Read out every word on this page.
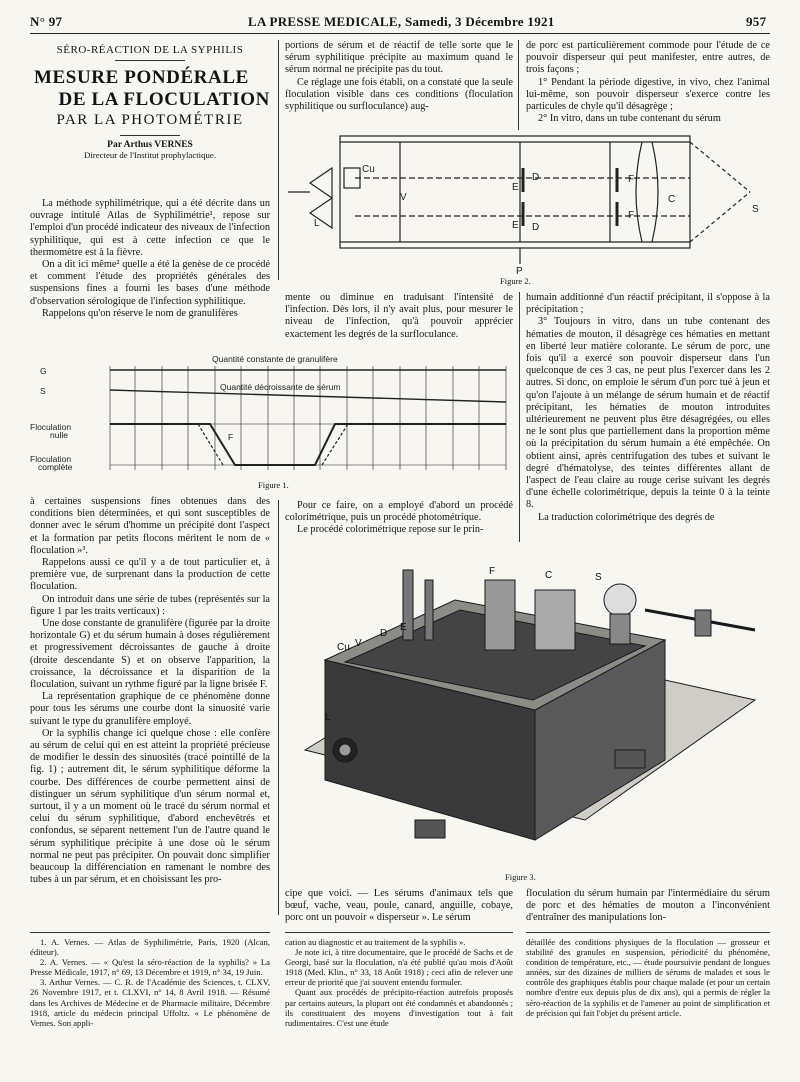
N° 97	LA PRESSE MEDICALE, Samedi, 3 Décembre 1921	957
SÉRO-RÉACTION DE LA SYPHILIS
MESURE PONDÉRALE
DE LA FLOCULATION
PAR LA PHOTOMÉTRIE
Par Arthus VERNES
Directeur de l'Institut prophylactique.

La méthode syphilimétrique, qui a été décrite dans un ouvrage intitulé Atlas de Syphilimétrie¹, repose sur l'emploi d'un procédé indicateur des niveaux de l'infection syphilitique, qui est à cette infection ce que le thermomètre est à la fièvre.

On a dit ici même² quelle a été la genèse de ce procédé et comment l'étude des propriétés générales des suspensions fines a fourni les bases d'une méthode d'observation sérologique de l'infection syphilitique.

Rappelons qu'on réserve le nom de granulifères

portions de sérum et de réactif de telle sorte que le sérum syphilitique précipite au maximum quand le sérum normal ne précipite pas du tout.

Ce réglage une fois établi, on a constaté que la seule floculation visible dans ces conditions (floculation syphilitique ou surfloculance) aug-

de porc est particulièrement commode pour l'étude de ce pouvoir disperseur qui peut manifester, entre autres, de trois façons ;

1° Pendant la période digestive, in vivo, chez l'animal lui-même, son pouvoir disperseur s'exerce contre les particules de chyle qu'il désagrège ;

2° In vitro, dans un tube contenant du sérum

Cu
L
V
E
D
E D
F
F
C
S
P
Figure 2.

mente ou diminue en traduisant l'intensité de l'infection. Dès lors, il n'y avait plus, pour mesurer le niveau de l'infection, qu'à pouvoir apprécier exactement les degrés de la surfloculance.

humain additionné d'un réactif précipitant, il s'oppose à la précipitation ;

3° Toujours in vitro, dans un tube contenant des hématies de mouton, il désagrège ces hématies en mettant en liberté leur matière colorante. Le sérum de porc, une fois qu'il a exercé son pouvoir disperseur dans l'un quelconque de ces 3 cas, ne peut plus l'exercer dans les 2 autres. Si donc, on emploie le sérum d'un porc tué à jeun et qu'on l'ajoute à un mélange de sérum humain et de réactif précipitant, les hématies de mouton introduites ultérieurement ne peuvent plus être désagrégées, ou elles ne le sont plus que partiellement dans la proportion même où la précipitation du sérum humain a été empêchée. On obtient ainsi, après centrifugation des tubes et suivant le degré d'hématolyse, des teintes différentes allant de l'aspect de l'eau claire au rouge cerise suivant les degrés d'une échelle colorimétrique, depuis la teinte 0 à la teinte 8.

La traduction colorimétrique des degrés de

G
S
Quantité constante de granulifère
Quantité décroissante de sérum
Floculation
nulle
Floculation
complète
F
Figure 1.

Pour ce faire, on a employé d'abord un procédé colorimétrique, puis un procédé photométrique.

Le procédé colorimétrique repose sur le prin-

à certaines suspensions fines obtenues dans des conditions bien déterminées, et qui sont susceptibles de donner avec le sérum d'homme un précipité dont l'aspect et la formation par petits flocons méritent le nom de « floculation »³.

Rappelons aussi ce qu'il y a de tout particulier et, à première vue, de surprenant dans la production de cette floculation.

On introduit dans une série de tubes (représentés sur la figure 1 par les traits verticaux) :

Une dose constante de granulifère (figurée par la droite horizontale G) et du sérum humain à doses régulièrement et progressivement décroissantes de gauche à droite (droite descendante S) et on observe l'apparition, la croissance, la décroissance et la disparition de la floculation, suivant un rythme figuré par la ligne brisée F.

La représentation graphique de ce phénomène donne pour tous les sérums une courbe dont la sinuosité varie suivant le type du granulifère employé.

Or la syphilis change ici quelque chose : elle confère au sérum de celui qui en est atteint la propriété précieuse de modifier le dessin des sinuosités (tracé pointillé de la fig. 1) ; autrement dit, le sérum syphilitique déforme la courbe. Des différences de courbe permettent ainsi de distinguer un sérum syphilitique d'un sérum normal et, surtout, il y a un moment où le tracé du sérum normal et celui du sérum syphilitique, d'abord enchevêtrés et confondus, se séparent nettement l'un de l'autre quand le sérum syphilitique précipite à une dose où le sérum normal ne peut pas précipiter. On pouvait donc simplifier beaucoup la différenciation en ramenant le nombre des tubes à un par sérum, et en choisissant les pro-

Cu V
D
E
L
F	C	S
Figure 3.

cipe que voici. — Les sérums d'animaux tels que bœuf, vache, veau, poule, canard, anguille, cobaye, porc ont un pouvoir « disperseur ». Le sérum

floculation du sérum humain par l'intermédiaire du sérum de porc et des hématies de mouton a l'inconvénient d'entraîner des manipulations lon-

1. A. Vernes. — Atlas de Syphilimétrie, Paris, 1920 (Alcan, éditeur).

2. A. Vernes. — « Qu'est la séro-réaction de la syphilis? » La Presse Médicale, 1917, n° 69, 13 Décembre et 1919, n° 34, 19 Juin.

3. Arthur Vernes. — C. R. de l'Académie des Sciences, t. CLXV, 26 Novembre 1917, et t. CLXVI, n° 14, 8 Avril 1918. — Résumé dans les Archives de Médecine et de Pharmacie militaire, Décembre 1918, article du médecin principal Uffoltz. « Le phénomène de Vernes. Son appli-

cation au diagnostic et au traitement de la syphilis ».

Je note ici, à titre documentaire, que le procédé de Sachs et de Georgi, basé sur la floculation, n'a été publié qu'au mois d'Août 1918 (Med. Klin., n° 33, 18 Août 1918) ; ceci afin de relever une erreur de priorité que j'ai souvent entendu formuler.

Quant aux procédés de précipito-réaction autrefois proposés par certains auteurs, la plupart ont été condamnés et abandonnés ; ils constituaient des moyens d'investigation tout à fait rudimentaires. C'est une étude

détaillée des conditions physiques de la floculation — grosseur et stabilité des granules en suspension, périodicité du phénomène, condition de température, etc., — étude poursuivie pendant de longues années, sur des dizaines de milliers de sérums de malades et sous le contrôle des graphiques établis pour chaque malade (et pour un certain nombre d'entre eux depuis plus de dix ans), qui a permis de régler la séro-réaction de la syphilis et de l'amener au point de simplification et de précision qui fait l'objet du présent article.
